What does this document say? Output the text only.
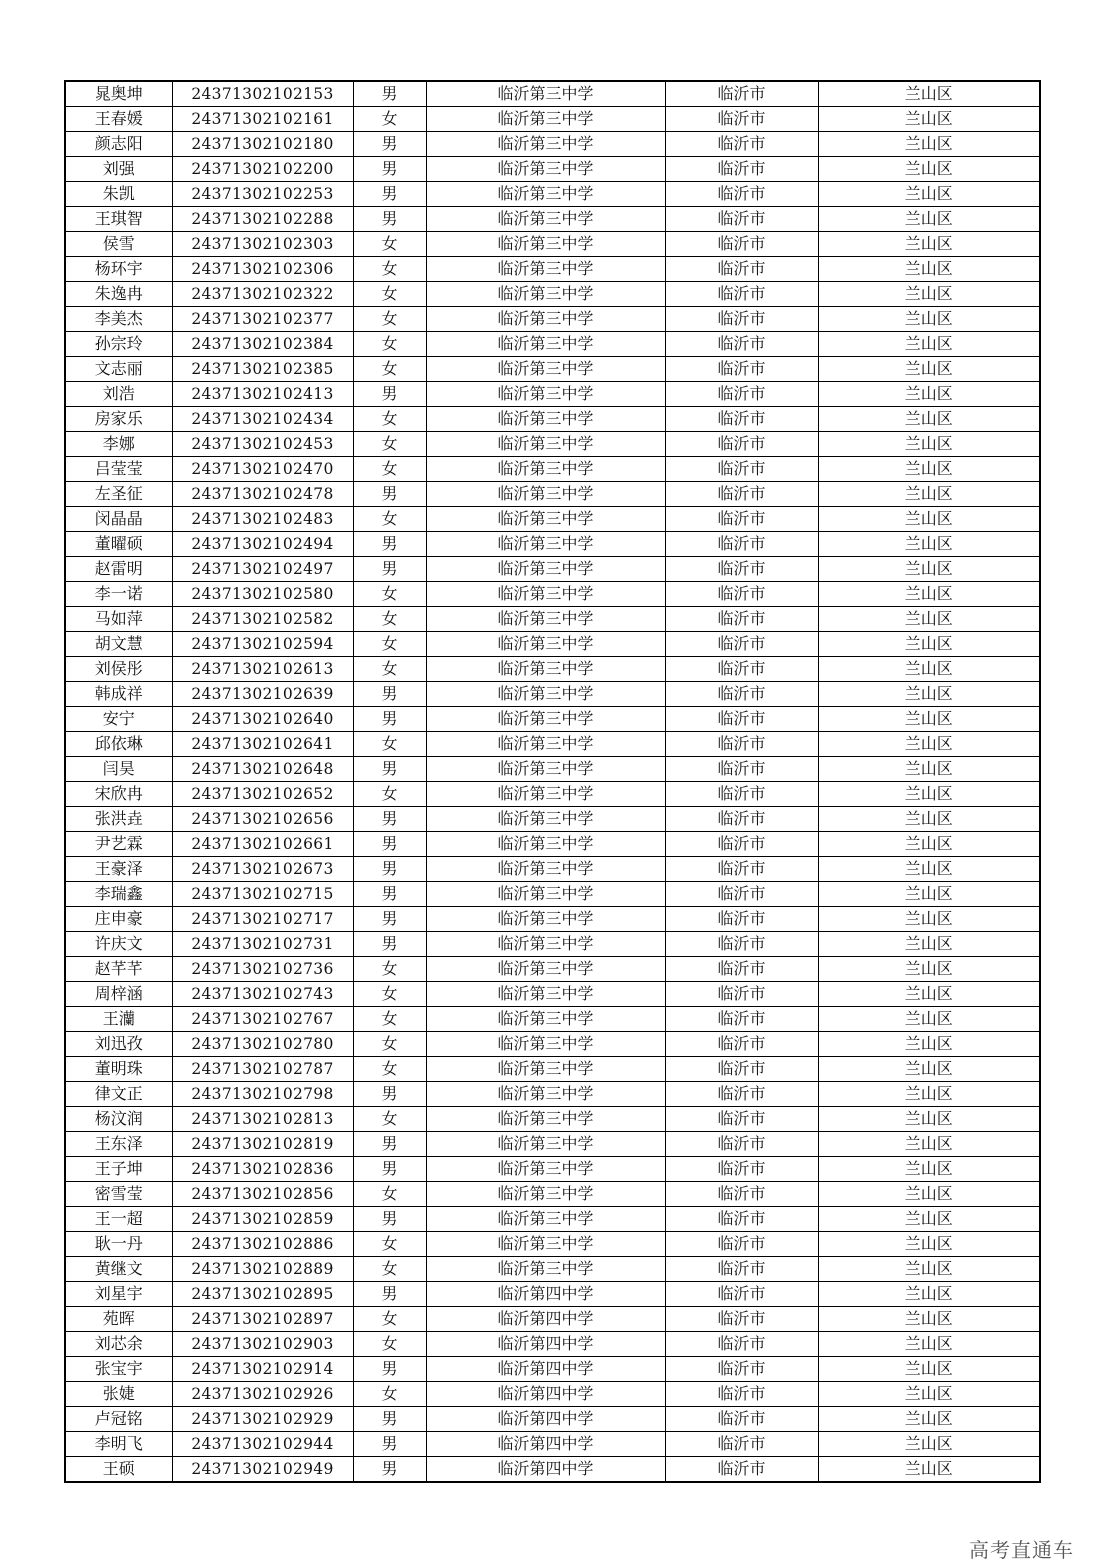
晁奥坤	24371302102153	男	临沂第三中学	临沂市	兰山区
王春媛	24371302102161	女	临沂第三中学	临沂市	兰山区
颜志阳	24371302102180	男	临沂第三中学	临沂市	兰山区
刘强	24371302102200	男	临沂第三中学	临沂市	兰山区
朱凯	24371302102253	男	临沂第三中学	临沂市	兰山区
王琪智	24371302102288	男	临沂第三中学	临沂市	兰山区
侯雪	24371302102303	女	临沂第三中学	临沂市	兰山区
杨环宇	24371302102306	女	临沂第三中学	临沂市	兰山区
朱逸冉	24371302102322	女	临沂第三中学	临沂市	兰山区
李美杰	24371302102377	女	临沂第三中学	临沂市	兰山区
孙宗玲	24371302102384	女	临沂第三中学	临沂市	兰山区
文志丽	24371302102385	女	临沂第三中学	临沂市	兰山区
刘浩	24371302102413	男	临沂第三中学	临沂市	兰山区
房家乐	24371302102434	女	临沂第三中学	临沂市	兰山区
李娜	24371302102453	女	临沂第三中学	临沂市	兰山区
吕莹莹	24371302102470	女	临沂第三中学	临沂市	兰山区
左圣征	24371302102478	男	临沂第三中学	临沂市	兰山区
闵晶晶	24371302102483	女	临沂第三中学	临沂市	兰山区
董曜硕	24371302102494	男	临沂第三中学	临沂市	兰山区
赵雷明	24371302102497	男	临沂第三中学	临沂市	兰山区
李一诺	24371302102580	女	临沂第三中学	临沂市	兰山区
马如萍	24371302102582	女	临沂第三中学	临沂市	兰山区
胡文慧	24371302102594	女	临沂第三中学	临沂市	兰山区
刘侯彤	24371302102613	女	临沂第三中学	临沂市	兰山区
韩成祥	24371302102639	男	临沂第三中学	临沂市	兰山区
安宁	24371302102640	男	临沂第三中学	临沂市	兰山区
邱依琳	24371302102641	女	临沂第三中学	临沂市	兰山区
闫昊	24371302102648	男	临沂第三中学	临沂市	兰山区
宋欣冉	24371302102652	女	临沂第三中学	临沂市	兰山区
张洪垚	24371302102656	男	临沂第三中学	临沂市	兰山区
尹艺霖	24371302102661	男	临沂第三中学	临沂市	兰山区
王豪泽	24371302102673	男	临沂第三中学	临沂市	兰山区
李瑞鑫	24371302102715	男	临沂第三中学	临沂市	兰山区
庄申豪	24371302102717	男	临沂第三中学	临沂市	兰山区
许庆文	24371302102731	男	临沂第三中学	临沂市	兰山区
赵芊芊	24371302102736	女	临沂第三中学	临沂市	兰山区
周梓涵	24371302102743	女	临沂第三中学	临沂市	兰山区
王灡	24371302102767	女	临沂第三中学	临沂市	兰山区
刘迅孜	24371302102780	女	临沂第三中学	临沂市	兰山区
董明珠	24371302102787	女	临沂第三中学	临沂市	兰山区
律文正	24371302102798	男	临沂第三中学	临沂市	兰山区
杨汶润	24371302102813	女	临沂第三中学	临沂市	兰山区
王东泽	24371302102819	男	临沂第三中学	临沂市	兰山区
王子坤	24371302102836	男	临沂第三中学	临沂市	兰山区
密雪莹	24371302102856	女	临沂第三中学	临沂市	兰山区
王一超	24371302102859	男	临沂第三中学	临沂市	兰山区
耿一丹	24371302102886	女	临沂第三中学	临沂市	兰山区
黄继文	24371302102889	女	临沂第三中学	临沂市	兰山区
刘星宇	24371302102895	男	临沂第四中学	临沂市	兰山区
苑晖	24371302102897	女	临沂第四中学	临沂市	兰山区
刘芯余	24371302102903	女	临沂第四中学	临沂市	兰山区
张宝宇	24371302102914	男	临沂第四中学	临沂市	兰山区
张婕	24371302102926	女	临沂第四中学	临沂市	兰山区
卢冠铭	24371302102929	男	临沂第四中学	临沂市	兰山区
李明飞	24371302102944	男	临沂第四中学	临沂市	兰山区
王硕	24371302102949	男	临沂第四中学	临沂市	兰山区
高考直通车
